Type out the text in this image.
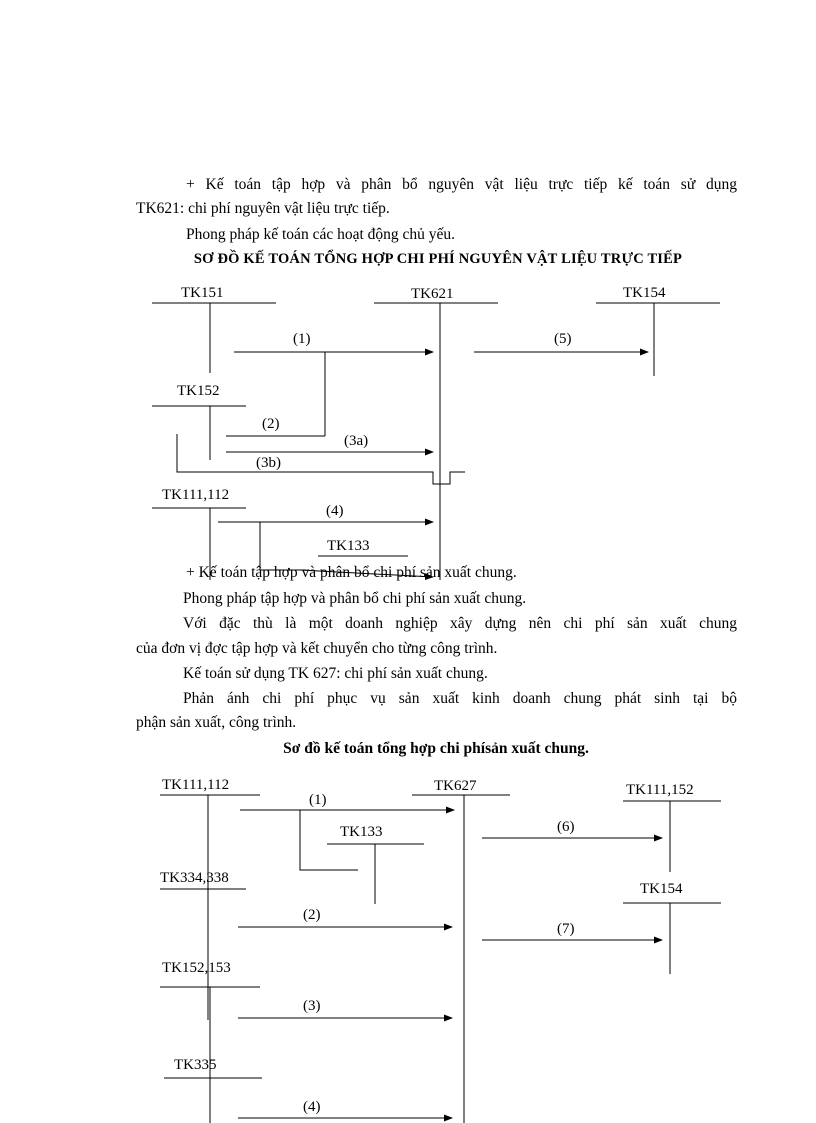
+ Kế toán tập hợp và phân bổ nguyên vật liệu trực tiếp kế toán sử dụng
TK621: chi phí nguyên vật liệu trực tiếp.
Phong pháp kế toán các hoạt động chủ yếu.
SƠ ĐỒ KẾ TOÁN TỔNG HỢP CHI PHÍ NGUYÊN VẬT LIỆU TRỰC TIẾP
TK151	TK621	TK154
TK152
TK111,112
TK133
(1)	(5)
(2)
(3a)
(3b)
(4)
+ Kế toán tập hợp và phân bổ chi phí sản xuất chung.
Phong pháp tập hợp và phân bổ chi phí sản xuất chung.
Với đặc thù là một doanh nghiệp xây dựng nên chi phí sản xuất chung
của đơn vị đợc tập hợp và kết chuyển cho từng công trình.
Kế toán sử dụng TK 627: chi phí sản xuất chung.
Phản ánh chi phí phục vụ sản xuất kinh doanh chung phát sinh tại bộ
phận sản xuất, công trình.
Sơ đồ kế toán tổng hợp chi phísản xuất chung.
TK111,112	TK627	TK111,152
TK133
TK334,338
TK154
TK152,153
TK335
(1)
(6)
(2)
(7)
(3)
(4)
